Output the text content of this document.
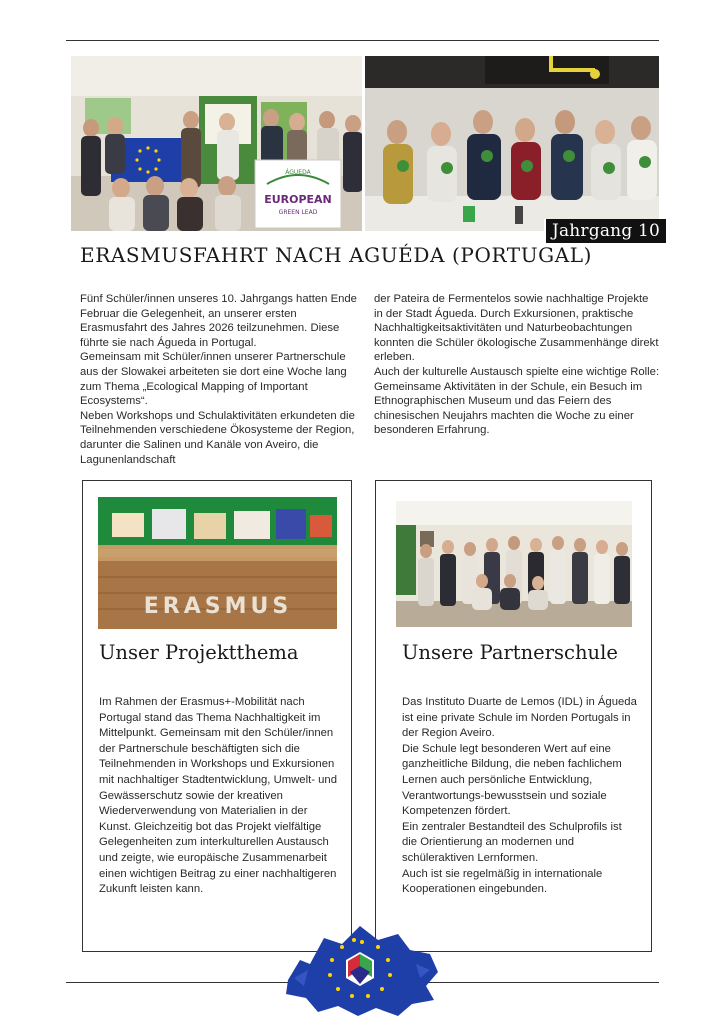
ÁGUEDA
EUROPEAN
GREEN LEAD
Jahrgang 10
ERASMUSFAHRT NACH AGUÉDA (PORTUGAL)

Fünf Schüler/innen unseres 10. Jahrgangs hatten Ende Februar die Gelegenheit, an unserer ersten Erasmusfahrt des Jahres 2026 teilzunehmen. Diese führte sie nach Águeda in Portugal.

Gemeinsam mit Schüler/innen unserer Partnerschule aus der Slowakei arbeiteten sie dort eine Woche lang zum Thema „Ecological Mapping of Important Ecosystems“.

Neben Workshops und Schulaktivitäten erkundeten die Teilnehmenden verschiedene Ökosysteme der Region, darunter die Salinen und Kanäle von Aveiro, die Lagunenlandschaft

der Pateira de Fermentelos sowie nachhaltige Projekte in der Stadt Águeda. Durch Exkursionen, praktische Nachhaltigkeitsaktivitäten und Naturbeobachtungen konnten die Schüler ökologische Zusammenhänge direkt erleben.

Auch der kulturelle Austausch spielte eine wichtige Rolle: Gemeinsame Aktivitäten in der Schule, ein Besuch im Ethnographischen Museum und das Feiern des chinesischen Neujahrs machten die Woche zu einer besonderen Erfahrung.

ERASMUS
Unser Projektthema

Im Rahmen der Erasmus+-Mobilität nach Portugal stand das Thema Nachhaltigkeit im Mittelpunkt. Gemeinsam mit den Schüler/innen der Partnerschule beschäftigten sich die Teilnehmenden in Workshops und Exkursionen mit nachhaltiger Stadtentwicklung, Umwelt- und Gewässerschutz sowie der kreativen Wiederverwendung von Materialien in der Kunst. Gleichzeitig bot das Projekt vielfältige Gelegenheiten zum interkulturellen Austausch und zeigte, wie europäische Zusammenarbeit einen wichtigen Beitrag zu einer nachhaltigeren Zukunft leisten kann.

Unsere Partnerschule

Das Instituto Duarte de Lemos (IDL) in Águeda ist eine private Schule im Norden Portugals in der Region Aveiro.

Die Schule legt besonderen Wert auf eine ganzheitliche Bildung, die neben fachlichem Lernen auch persönliche Entwicklung, Verantwortungs-bewusstsein und soziale Kompetenzen fördert.

Ein zentraler Bestandteil des Schulprofils ist die Orientierung an modernen und schüleraktiven Lernformen.

Auch ist sie regelmäßig in internationale Kooperationen eingebunden.
